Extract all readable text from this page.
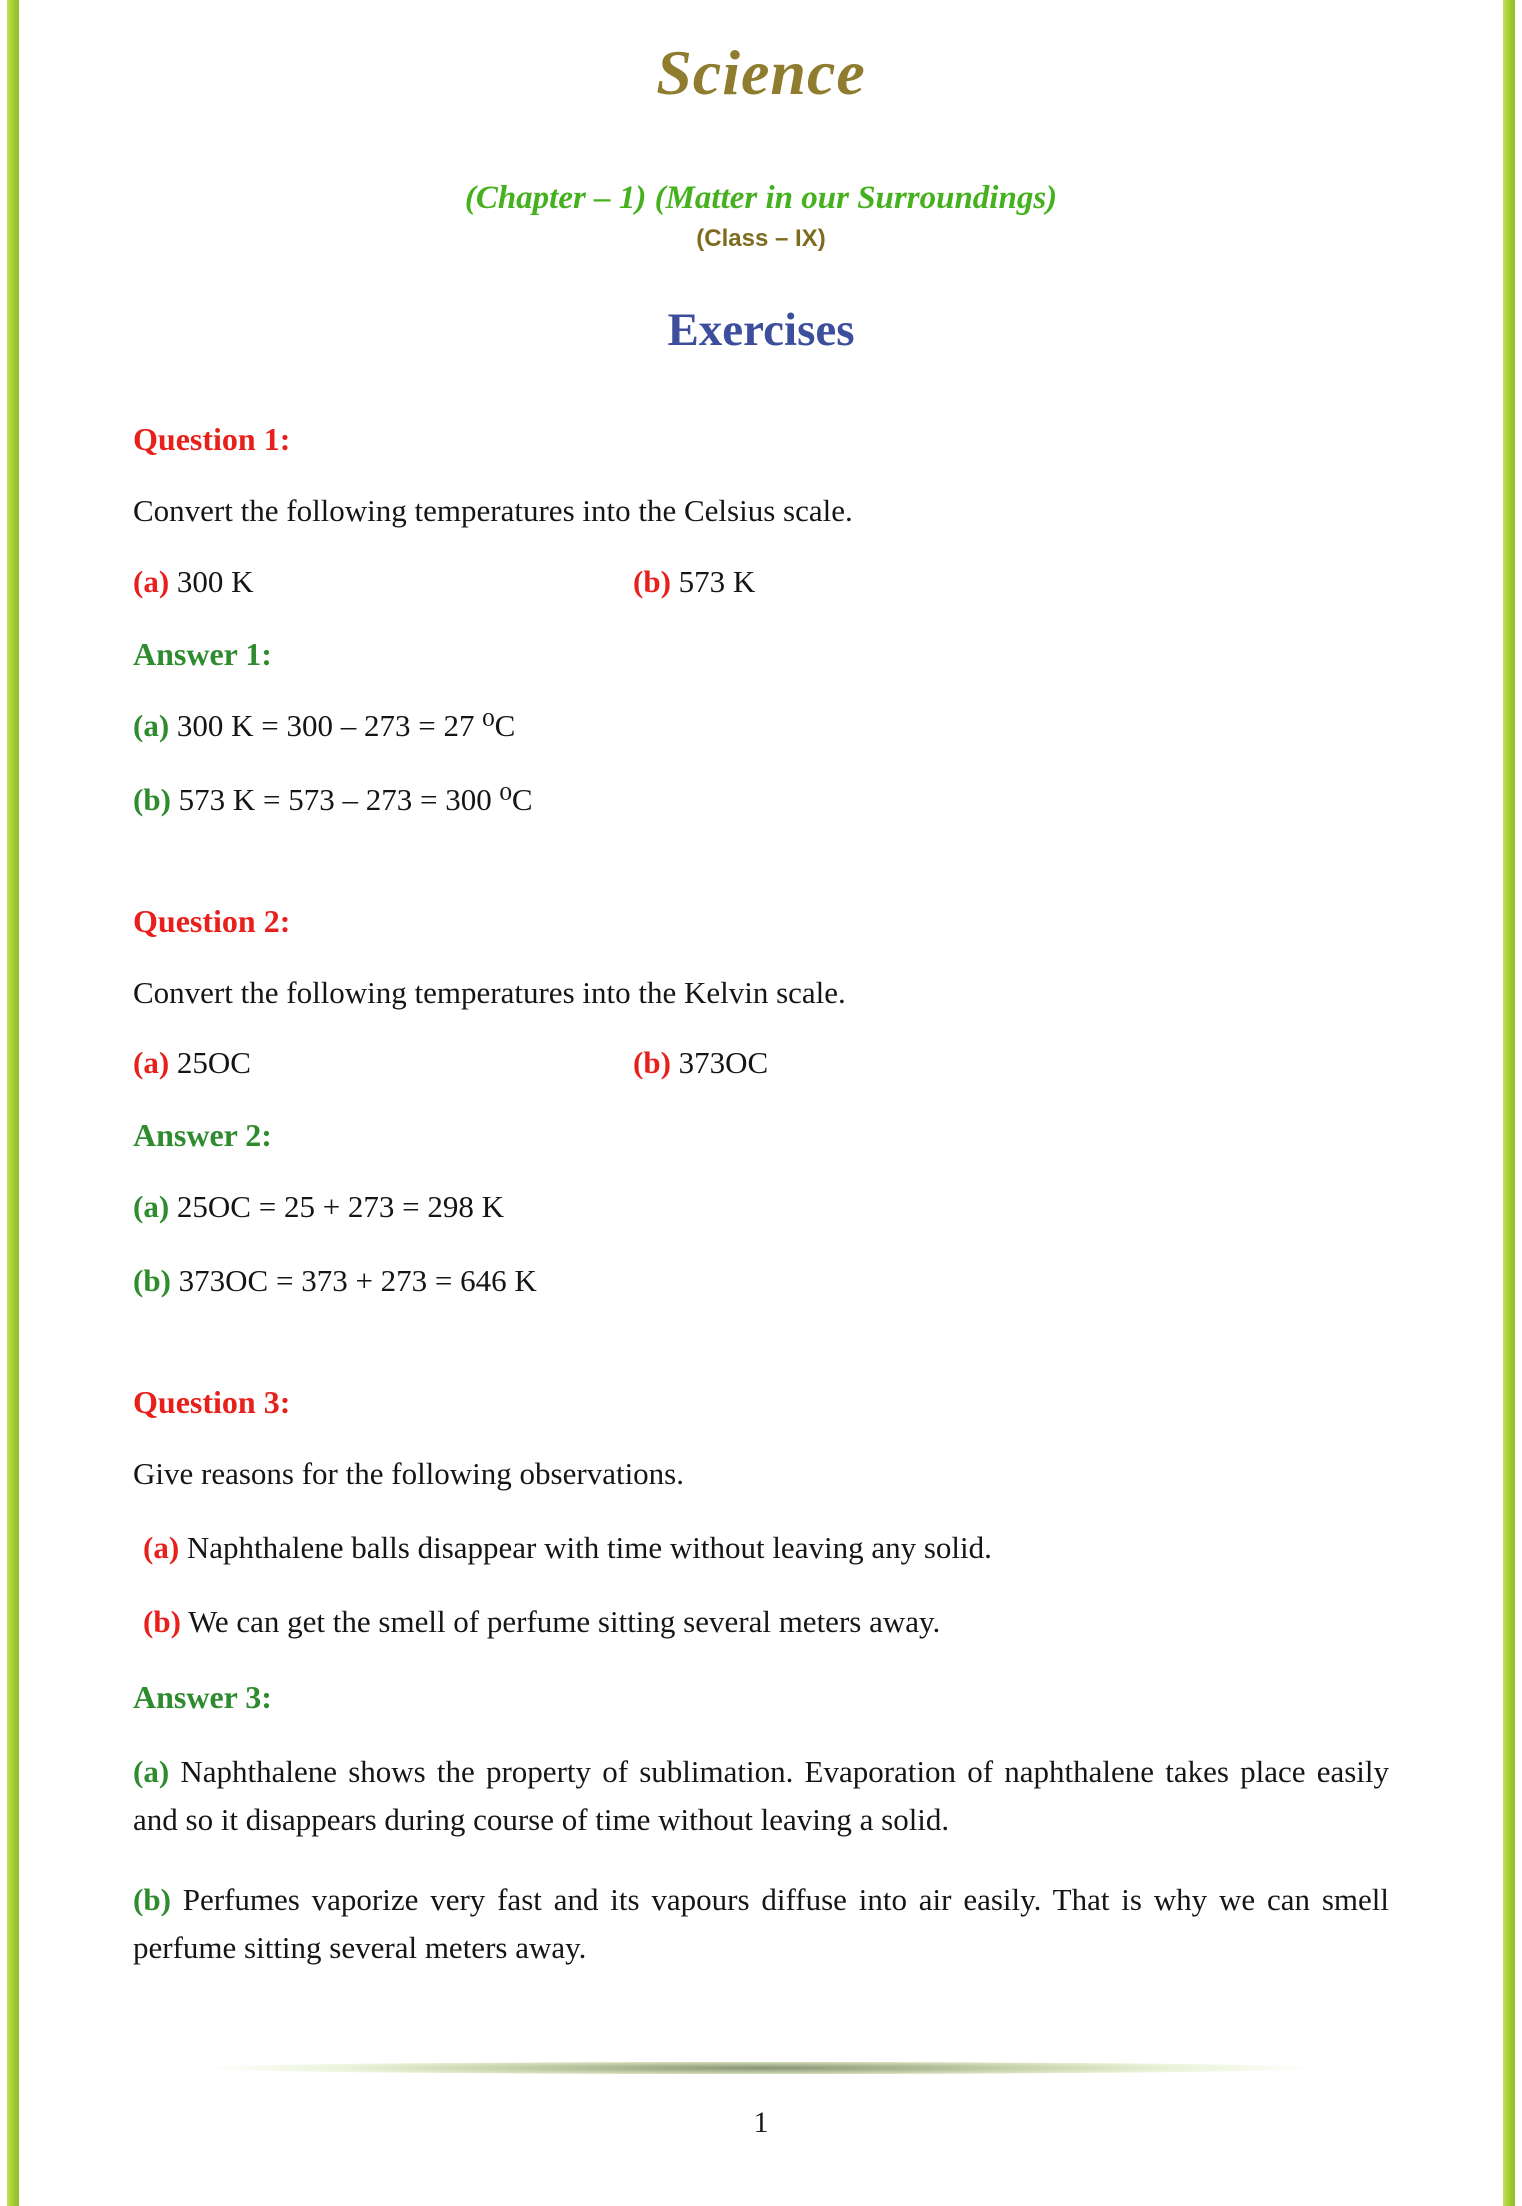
Science
(Chapter – 1) (Matter in our Surroundings)
(Class – IX)
Exercises
Question 1:

Convert the following temperatures into the Celsius scale.

(a) 300 K	(b) 573 K
Answer 1:

(a) 300 K = 300 – 273 = 27 ⁰C

(b) 573 K = 573 – 273 = 300 ⁰C

Question 2:

Convert the following temperatures into the Kelvin scale.

(a) 25OC	(b) 373OC
Answer 2:

(a) 25OC = 25 + 273 = 298 K

(b) 373OC = 373 + 273 = 646 K

Question 3:

Give reasons for the following observations.

(a) Naphthalene balls disappear with time without leaving any solid.

(b) We can get the smell of perfume sitting several meters away.

Answer 3:

(a) Naphthalene shows the property of sublimation. Evaporation of naphthalene takes place easily and so it disappears during course of time without leaving a solid.

(b) Perfumes vaporize very fast and its vapours diffuse into air easily. That is why we can smell perfume sitting several meters away.

1
